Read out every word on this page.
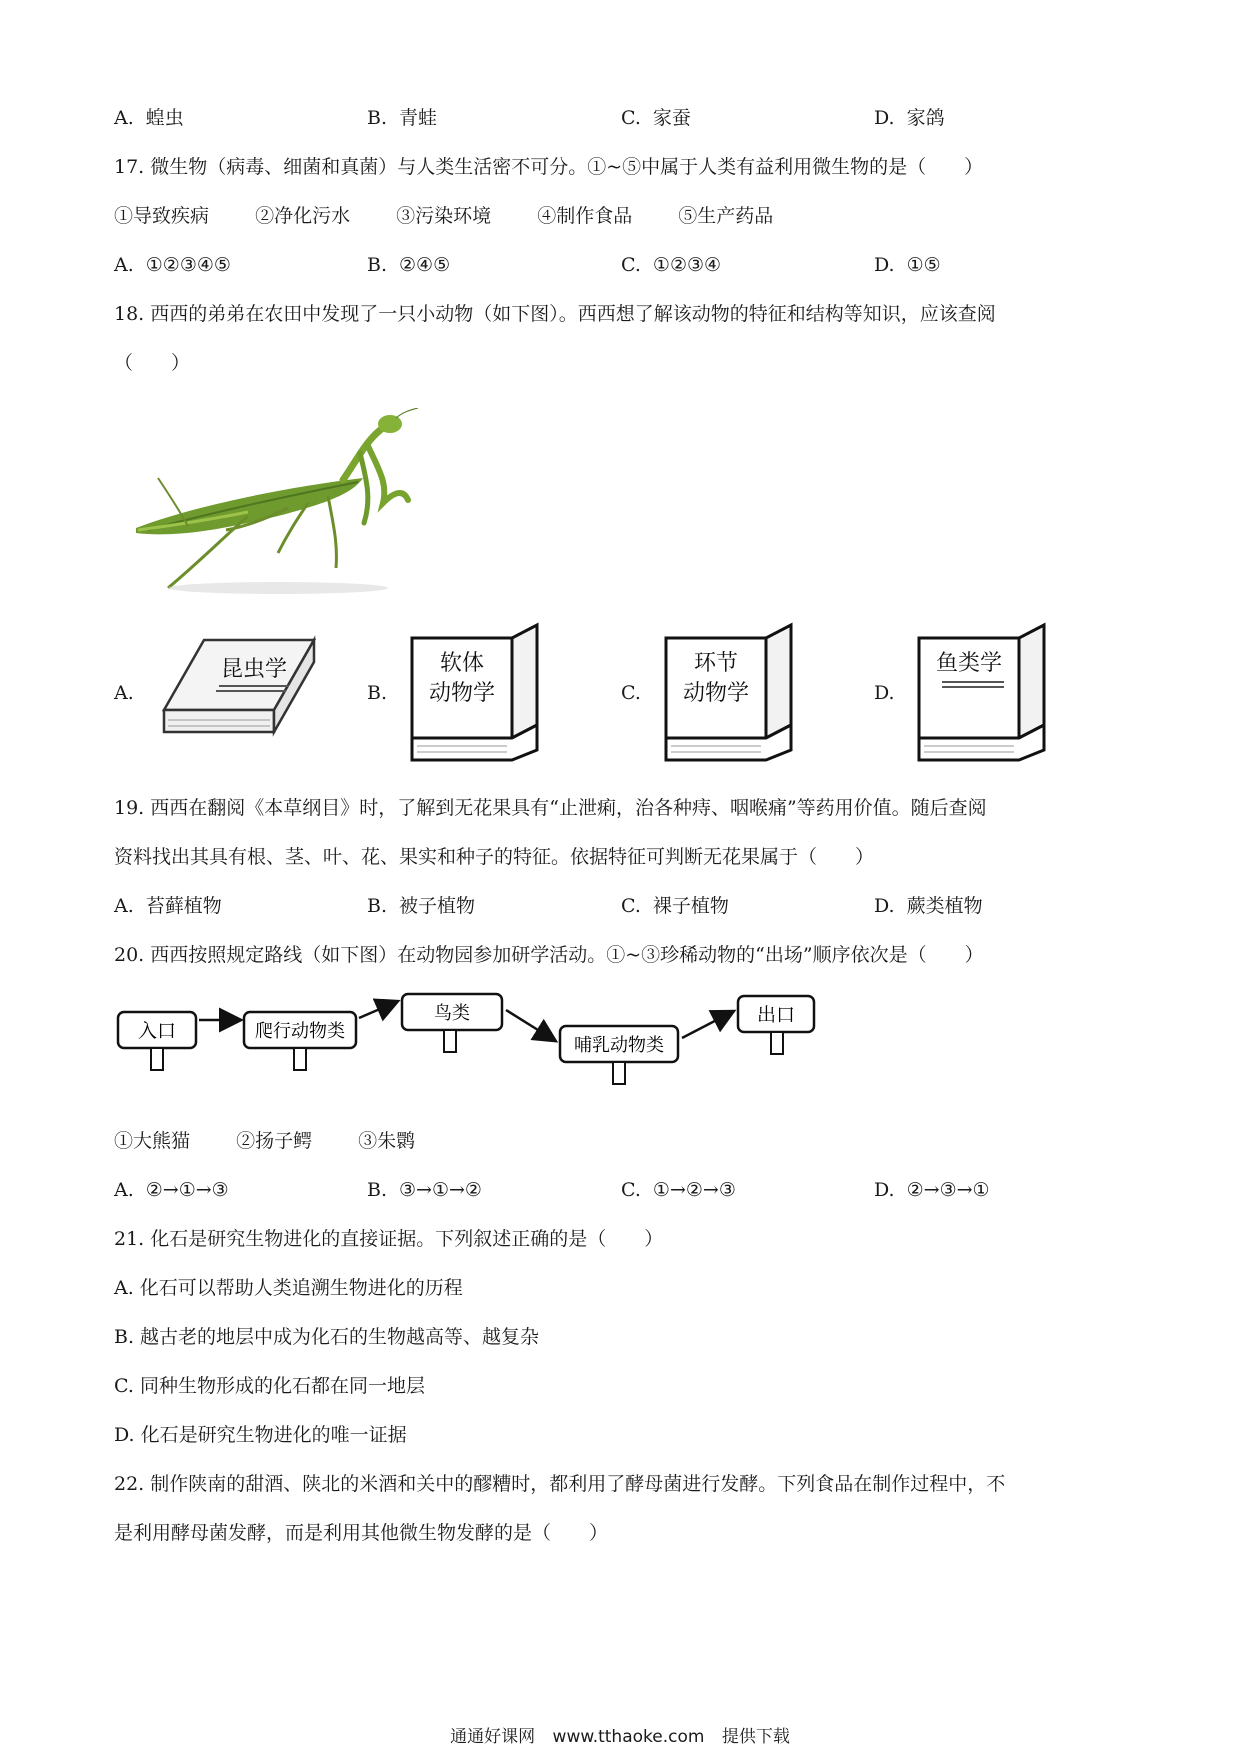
A. 蝗虫	B. 青蛙	C. 家蚕	D. 家鸽
17. 微生物（病毒、细菌和真菌）与人类生活密不可分。①~⑤中属于人类有益利用微生物的是（　　）
①导致疾病 ②净化污水 ③污染环境 ④制作食品 ⑤生产药品
A. ①②③④⑤	B. ②④⑤	C. ①②③④	D. ①⑤
18. 西西的弟弟在农田中发现了一只小动物（如下图）。西西想了解该动物的特征和结构等知识，应该查阅
（　　）
A.
昆虫学
B.
软体
动物学	C.
环节
动物学	D.
鱼类学
19. 西西在翻阅《本草纲目》时，了解到无花果具有“止泄痢，治各种痔、咽喉痛”等药用价值。随后查阅
资料找出其具有根、茎、叶、花、果实和种子的特征。依据特征可判断无花果属于（　　）
A. 苔藓植物	B. 被子植物	C. 裸子植物	D. 蕨类植物
20. 西西按照规定路线（如下图）在动物园参加研学活动。①~③珍稀动物的“出场”顺序依次是（　　）
入口	爬行动物类
鸟类
哺乳动物类
出口
①大熊猫 ②扬子鳄 ③朱鹮
A. ②→①→③	B. ③→①→②	C. ①→②→③	D. ②→③→①
21. 化石是研究生物进化的直接证据。下列叙述正确的是（　　）
A. 化石可以帮助人类追溯生物进化的历程
B. 越古老的地层中成为化石的生物越高等、越复杂
C. 同种生物形成的化石都在同一地层
D. 化石是研究生物进化的唯一证据
22. 制作陕南的甜酒、陕北的米酒和关中的醪糟时，都利用了酵母菌进行发酵。下列食品在制作过程中，不
是利用酵母菌发酵，而是利用其他微生物发酵的是（　　）
通通好课网 www.tthaoke.com 提供下载
